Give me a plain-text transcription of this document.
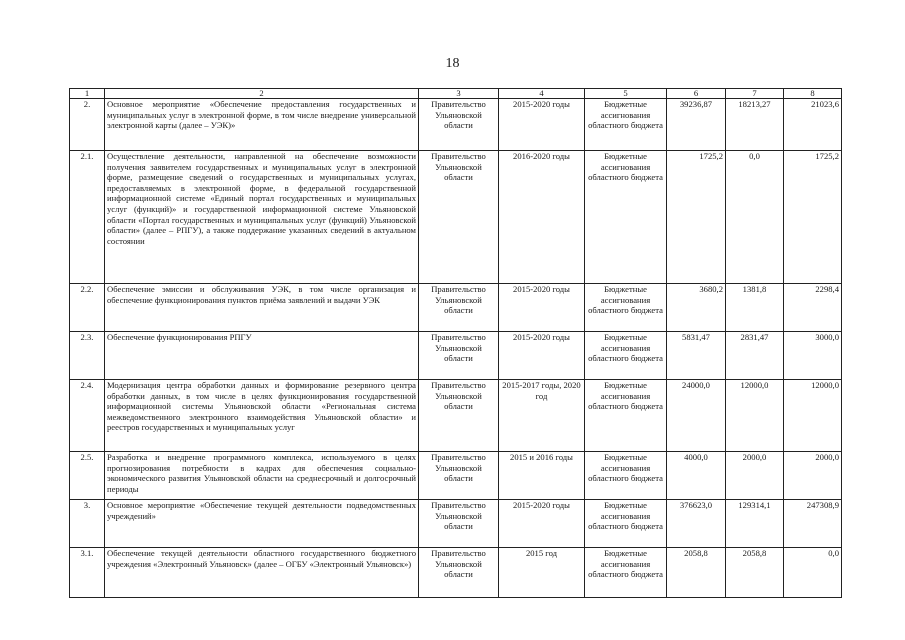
18
1	2	3	4	5	6	7	8
2.	Основное мероприятие «Обеспечение предоставления государственных и муниципальных услуг в электронной форме, в том числе внедрение универсальной электронной карты (далее – УЭК)»	Правительство Ульяновской области	2015-2020 годы	Бюджетные ассигнования областного бюджета	39236,87	18213,27	21023,6
2.1.	Осуществление деятельности, направленной на обеспечение возможности получения заявителем государственных и муниципальных услуг в электронной форме, размещение сведений о государственных и муниципальных услугах, предоставляемых в электронной форме, в федеральной государственной информационной системе «Единый портал государственных и муниципальных услуг (функций)» и государственной информационной системе Ульяновской области «Портал государственных и муниципальных услуг (функций) Ульяновской области» (далее – РПГУ), а также поддержание указанных сведений в актуальном состоянии	Правительство Ульяновской области	2016-2020 годы	Бюджетные ассигнования областного бюджета	1725,2	0,0	1725,2
2.2.	Обеспечение эмиссии и обслуживания УЭК, в том числе организация и обеспечение функционирования пунктов приёма заявлений и выдачи УЭК	Правительство Ульяновской области	2015-2020 годы	Бюджетные ассигнования областного бюджета	3680,2	1381,8	2298,4
2.3.	Обеспечение функционирования РПГУ	Правительство Ульяновской области	2015-2020 годы	Бюджетные ассигнования областного бюджета	5831,47	2831,47	3000,0
2.4.	Модернизация центра обработки данных и формирование резервного центра обработки данных, в том числе в целях функционирования государственной информационной системы Ульяновской области «Региональная система межведомственного электронного взаимодействия Ульяновской области» и реестров государственных и муниципальных услуг	Правительство Ульяновской области	2015-2017 годы, 2020 год	Бюджетные ассигнования областного бюджета	24000,0	12000,0	12000,0
2.5.	Разработка и внедрение программного комплекса, используемого в целях прогнозирования потребности в кадрах для обеспечения социально-экономического развития Ульяновской области на среднесрочный и долгосрочный периоды	Правительство Ульяновской области	2015 и 2016 годы	Бюджетные ассигнования областного бюджета	4000,0	2000,0	2000,0
3.	Основное мероприятие «Обеспечение текущей деятельности подведомственных учреждений»	Правительство Ульяновской области	2015-2020 годы	Бюджетные ассигнования областного бюджета	376623,0	129314,1	247308,9
3.1.	Обеспечение текущей деятельности областного государственного бюджетного учреждения «Электронный Ульяновск» (далее – ОГБУ «Электронный Ульяновск»)	Правительство Ульяновской области	2015 год	Бюджетные ассигнования областного бюджета	2058,8	2058,8	0,0
